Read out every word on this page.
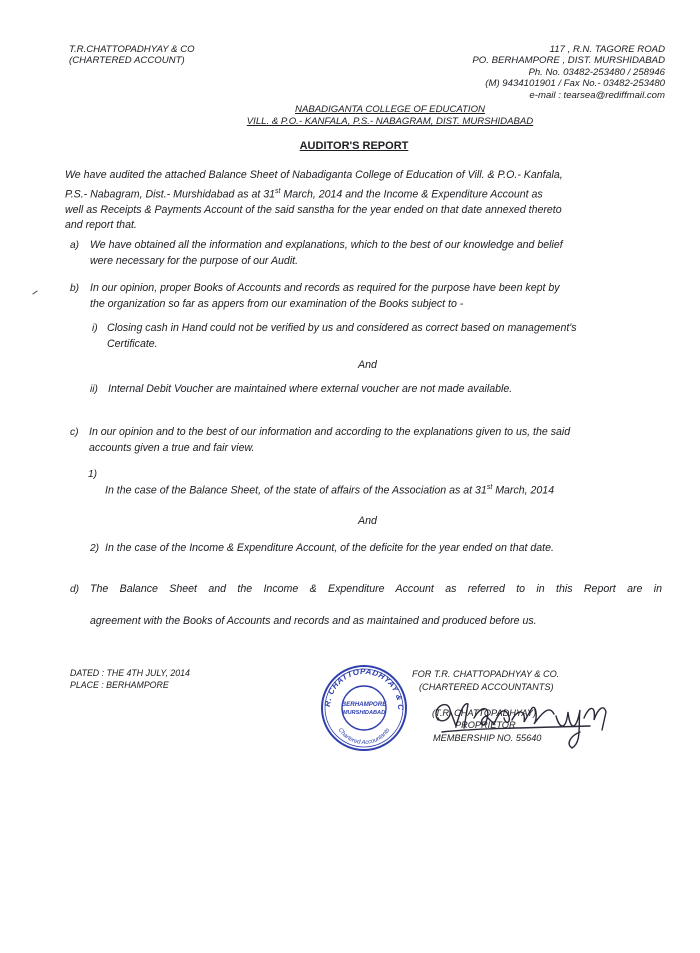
T.R.CHATTOPADHYAY & CO
(CHARTERED ACCOUNT)
117 , R.N. TAGORE ROAD
PO. BERHAMPORE , DIST. MURSHIDABAD
Ph. No. 03482-253480 / 258946
(M) 9434101901 / Fax No.- 03482-253480
e-mail : tearsea@rediffmail.com
NABADIGANTA COLLEGE OF EDUCATION
VILL. & P.O.- KANFALA, P.S.- NABAGRAM, DIST. MURSHIDABAD
AUDITOR'S REPORT
We have audited the attached Balance Sheet of Nabadiganta College of Education of Vill. & P.O.- Kanfala,
P.S.- Nabagram, Dist.- Murshidabad as at 31st March, 2014 and the Income & Expenditure Account as
well as Receipts & Payments Account of the said sanstha for the year ended on that date annexed thereto
and report that.
a) We have obtained all the information and explanations, which to the best of our knowledge and belief
were necessary for the purpose of our Audit.
b) In our opinion, proper Books of Accounts and records as required for the purpose have been kept by
the organization so far as appers from our examination of the Books subject to -
i) Closing cash in Hand could not be verified by us and considered as correct based on management's
Certificate.
And
ii) Internal Debit Voucher are maintained where external voucher are not made available.
c) In our opinion and to the best of our information and according to the explanations given to us, the said
accounts given a true and fair view.
1)
In the case of the Balance Sheet, of the state of affairs of the Association as at 31st March, 2014
And
2) In the case of the Income & Expenditure Account, of the deficite for the year ended on that date.
d) The Balance Sheet and the Income & Expenditure Account as referred to in this Report are in
agreement with the Books of Accounts and records and as maintained and produced before us.
DATED : THE 4TH JULY, 2014
PLACE : BERHAMPORE
R. CHATTOPADHYAY & C
Chartered Accountants
BERHAMPORE
MURSHIDABAD
FOR T.R. CHATTOPADHYAY & CO.
(CHARTERED ACCOUNTANTS)
(T.R. CHATTOPADHYAY)
PROPRIETOR
MEMBERSHIP NO. 55640
